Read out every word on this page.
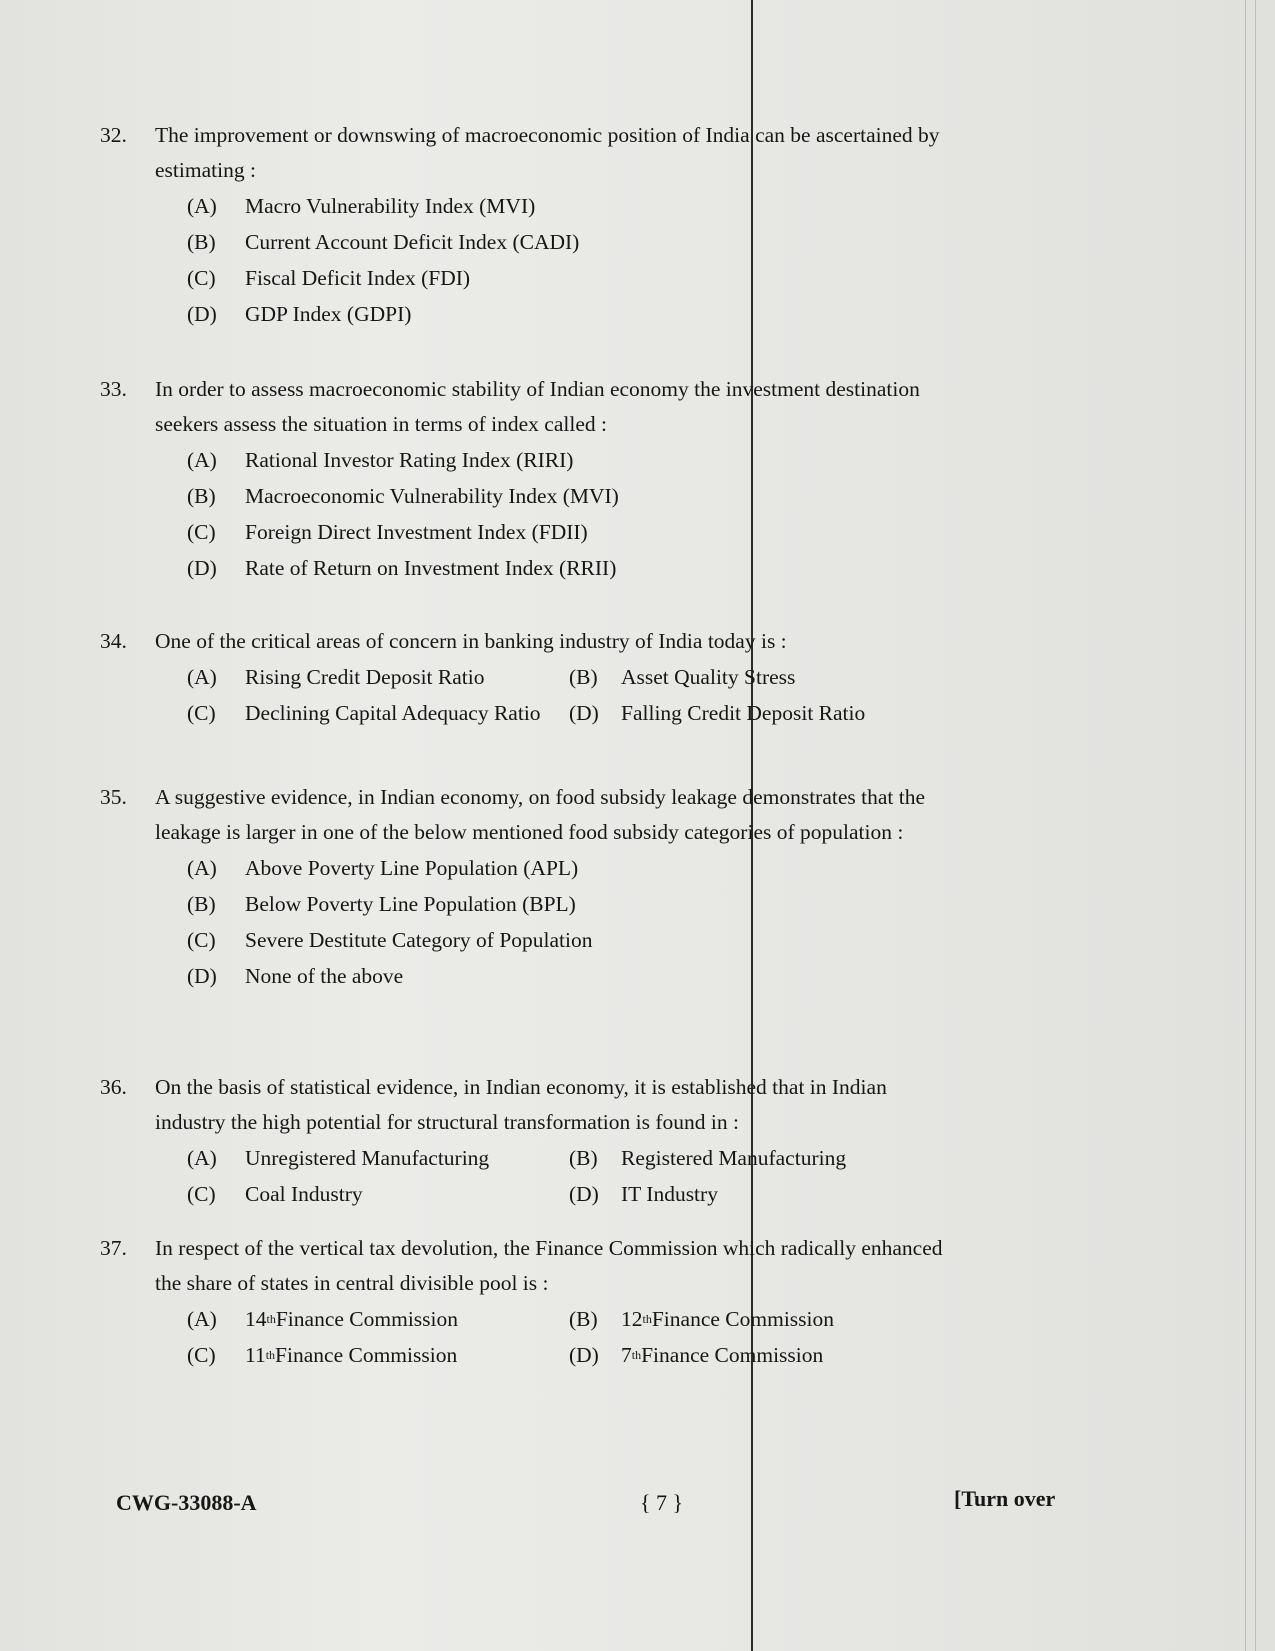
32.	The improvement or downswing of macroeconomic position of India can be ascertained by estimating :
(A)	Macro Vulnerability Index (MVI)
(B)	Current Account Deficit Index (CADI)
(C)	Fiscal Deficit Index (FDI)
(D)	GDP Index (GDPI)
33.	In order to assess macroeconomic stability of Indian economy the investment destination seekers assess the situation in terms of index called :
(A)	Rational Investor Rating Index (RIRI)
(B)	Macroeconomic Vulnerability Index (MVI)
(C)	Foreign Direct Investment Index (FDII)
(D)	Rate of Return on Investment Index (RRII)
34.	One of the critical areas of concern in banking industry of India today is :
(A)	Rising Credit Deposit Ratio	(B)	Asset Quality Stress
(C)	Declining Capital Adequacy Ratio (D)	Falling Credit Deposit Ratio
35.	A suggestive evidence, in Indian economy, on food subsidy leakage demonstrates that the leakage is larger in one of the below mentioned food subsidy categories of population :
(A)	Above Poverty Line Population (APL)
(B)	Below Poverty Line Population (BPL)
(C)	Severe Destitute Category of Population
(D)	None of the above
36.	On the basis of statistical evidence, in Indian economy, it is established that in Indian industry the high potential for structural transformation is found in :
(A)	Unregistered Manufacturing	(B)	Registered Manufacturing
(C)	Coal Industry	(D)	IT Industry
37.	In respect of the vertical tax devolution, the Finance Commission which radically enhanced the share of states in central divisible pool is :
(A)	14 th Finance Commission	(B)	12 th Finance Commission
(C)	11 th Finance Commission	(D)	7 th Finance Commission
CWG-33088-A	{ 7 }	[Turn over
